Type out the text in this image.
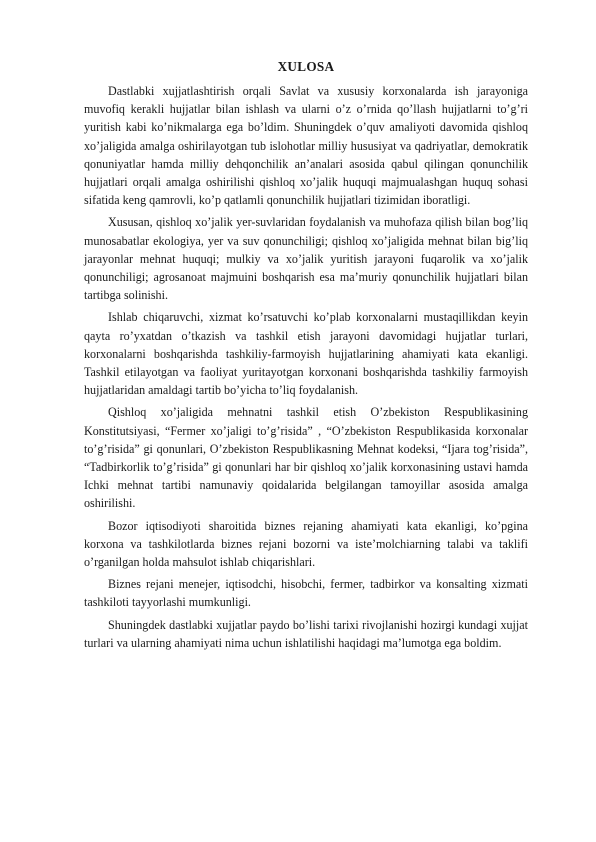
XULOSA

Dastlabki xujjatlashtirish orqali Savlat va xususiy korxonalarda ish jarayoniga muvofiq kerakli hujjatlar bilan ishlash va ularni o’z o’rnida qo’llash hujjatlarni to’g’ri yuritish kabi ko’nikmalarga ega bo’ldim. Shuningdek o’quv amaliyoti davomida qishloq xo’jaligida amalga oshirilayotgan tub islohotlar milliy hususiyat va qadriyatlar, demokratik qonuniyatlar hamda milliy dehqonchilik an’analari asosida qabul qilingan qonunchilik hujjatlari orqali amalga oshirilishi qishloq xo’jalik huquqi majmualashgan huquq sohasi sifatida keng qamrovli, ko’p qatlamli qonunchilik hujjatlari tizimidan iboratligi.

Xususan, qishloq xo’jalik yer-suvlaridan foydalanish va muhofaza qilish bilan bog’liq munosabatlar ekologiya, yer va suv qonunchiligi; qishloq xo’jaligida mehnat bilan big’liq jarayonlar mehnat huquqi; mulkiy va xo’jalik yuritish jarayoni fuqarolik va xo’jalik qonunchiligi; agrosanoat majmuini boshqarish esa ma’muriy qonunchilik hujjatlari bilan tartibga solinishi.

Ishlab chiqaruvchi, xizmat ko’rsatuvchi ko’plab korxonalarni mustaqillikdan keyin qayta ro’yxatdan o’tkazish va tashkil etish jarayoni davomidagi hujjatlar turlari, korxonalarni boshqarishda tashkiliy-farmoyish hujjatlarining ahamiyati kata ekanligi. Tashkil etilayotgan va faoliyat yuritayotgan korxonani boshqarishda tashkiliy farmoyish hujjatlaridan amaldagi tartib bo’yicha to’liq foydalanish.

Qishloq xo’jaligida mehnatni tashkil etish O’zbekiston Respublikasining Konstitutsiyasi, “Fermer xo’jaligi to’g’risida” , “O’zbekiston Respublikasida korxonalar to’g’risida” gi qonunlari, O’zbekiston Respublikasning Mehnat kodeksi, “Ijara tog’risida”, “Tadbirkorlik to’g’risida” gi qonunlari har bir qishloq xo’jalik korxonasining ustavi hamda Ichki mehnat tartibi namunaviy qoidalarida belgilangan tamoyillar asosida amalga oshirilishi.

Bozor iqtisodiyoti sharoitida biznes rejaning ahamiyati kata ekanligi, ko’pgina korxona va tashkilotlarda biznes rejani bozorni va iste’molchiarning talabi va taklifi o’rganilgan holda mahsulot ishlab chiqarishlari.

Biznes rejani menejer, iqtisodchi, hisobchi, fermer, tadbirkor va konsalting xizmati tashkiloti tayyorlashi mumkunligi.

Shuningdek dastlabki xujjatlar paydo bo’lishi tarixi rivojlanishi hozirgi kundagi xujjat turlari va ularning ahamiyati nima uchun ishlatilishi haqidagi ma’lumotga ega boldim.
